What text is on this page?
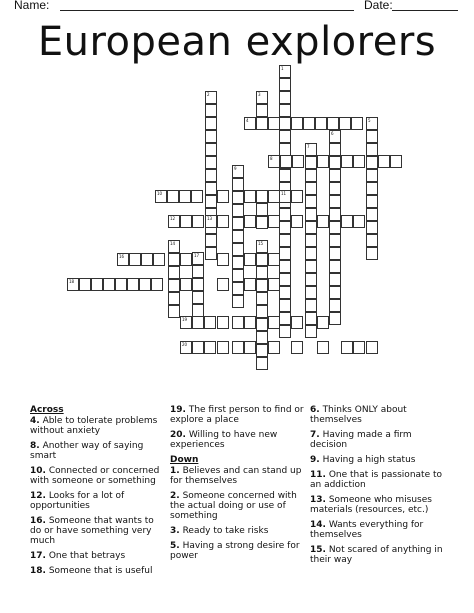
Name:	Date:
European explorers
1
2	3
4	5
6
7
8
9
10
12
14	15
17
16
18
19
20
11
13
Across
4. Able to tolerate problems without anxiety
8. Another way of saying smart
10. Connected or concerned with someone or something
12. Looks for a lot of opportunities
16. Someone that wants to do or have something very much
17. One that betrays
18. Someone that is useful
19. The first person to find or explore a place
20. Willing to have new experiences
Down
1. Believes and can stand up for themselves
2. Someone concerned with the actual doing or use of something
3. Ready to take risks
5. Having a strong desire for power
6. Thinks ONLY about themselves
7. Having made a firm decision
9. Having a high status
11. One that is passionate to an addiction
13. Someone who misuses materials (resources, etc.)
14. Wants everything for themselves
15. Not scared of anything in their way
